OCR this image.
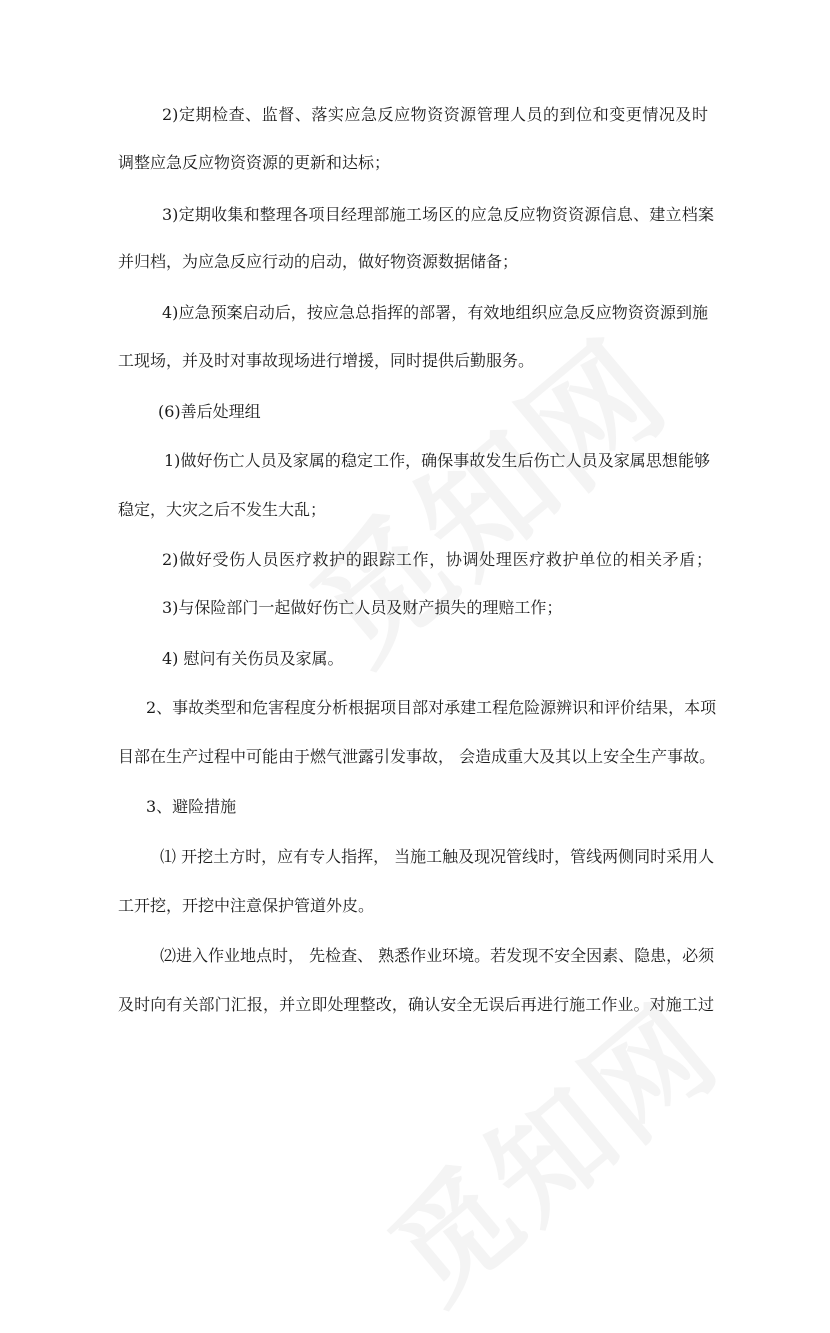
2)定期检查、监督、落实应急反应物资资源管理人员的到位和变更情况及时
调整应急反应物资资源的更新和达标；
3)定期收集和整理各项目经理部施工场区的应急反应物资资源信息、建立档案
并归档，为应急反应行动的启动，做好物资源数据储备；
4)应急预案启动后，按应急总指挥的部署，有效地组织应急反应物资资源到施
工现场，并及时对事故现场进行增援，同时提供后勤服务。
(6)善后处理组
1)做好伤亡人员及家属的稳定工作，确保事故发生后伤亡人员及家属思想能够
稳定，大灾之后不发生大乱；
2)做好受伤人员医疗救护的跟踪工作，协调处理医疗救护单位的相关矛盾；
3)与保险部门一起做好伤亡人员及财产损失的理赔工作；
4) 慰问有关伤员及家属。
2、事故类型和危害程度分析根据项目部对承建工程危险源辨识和评价结果，本项
目部在生产过程中可能由于燃气泄露引发事故， 会造成重大及其以上安全生产事故。
3、避险措施
⑴ 开挖土方时，应有专人指挥， 当施工触及现况管线时，管线两侧同时采用人
工开挖，开挖中注意保护管道外皮。
⑵进入作业地点时， 先检查、 熟悉作业环境。若发现不安全因素、隐患，必须
及时向有关部门汇报，并立即处理整改，确认安全无误后再进行施工作业。对施工过
